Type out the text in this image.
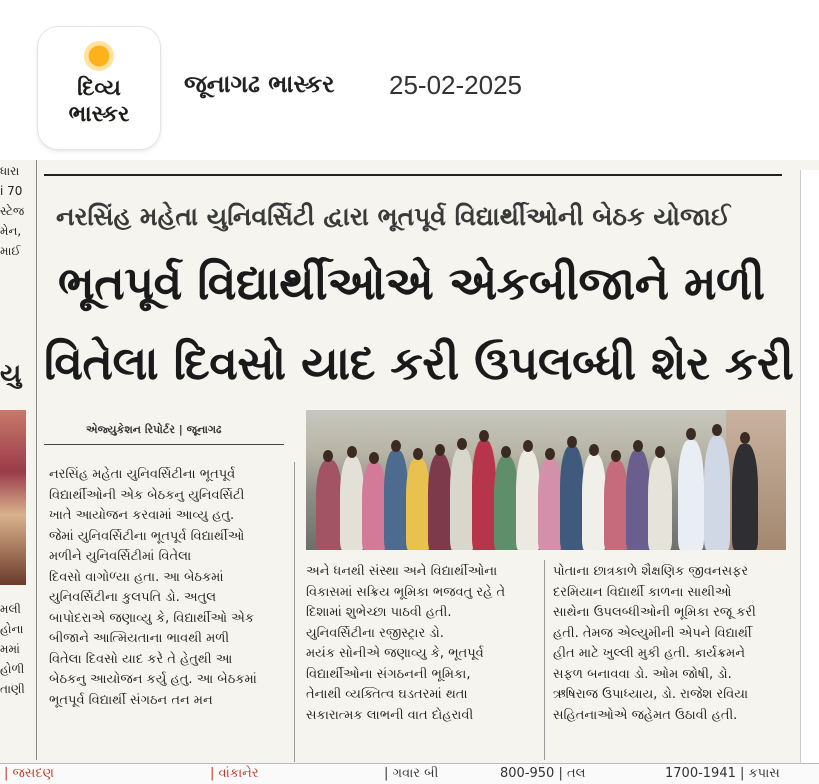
દિવ્ય
ભાસ્કર
જૂનાગઢ ભાસ્કર 25-02-2025
ધારા
i 70
સ્ટેજ
મેન,
માઈ
યુ
મલી
હોના
મમાં
હોળી
તાણી
નરસિંહ મહેતા યુનિવર્સિટી દ્વારા ભૂતપૂર્વ વિદ્યાર્થીઓની બેઠક યોજાઈ
ભૂતપૂર્વ વિદ્યાર્થીઓએ એકબીજાને મળી
વિતેલા દિવસો યાદ કરી ઉપલબ્ધી શેર કરી
એજ્યુકેશન રિપોર્ટર | જૂનાગઢ

નરસિંહ મહેતા યુનિવર્સિટીના ભૂતપૂર્વ

વિદ્યાર્થીઓની એક બેઠકનુ યુનિવર્સિટી

ખાતે આયોજન કરવામાં આવ્યુ હતુ.

જેમાં યુનિવર્સિટીના ભૂતપૂર્વ વિદ્યાર્થીઓ

મળીને યુનિવર્સિટીમાં વિતેલા

દિવસો વાગોળ્યા હતા. આ બેઠકમાં

યુનિવર્સિટીના કુલપતિ ડો. અતુલ

બાપોદરાએ જણાવ્યુ કે, વિદ્યાર્થીઓ એક

બીજાને આત્મિયતાના ભાવથી મળી

વિતેલા દિવસો યાદ કરે તે હેતુથી આ

બેઠકનુ આયોજન કર્યુ હતુ. આ બેઠકમાં

ભૂતપૂર્વ વિદ્યાર્થી સંગઠન તન મન

અને ધનથી સંસ્થા અને વિદ્યાર્થીઓના

વિકાસમાં સક્રિય ભૂમિકા ભજવતુ રહે તે

દિશામાં શુભેચ્છા પાઠવી હતી.

યુનિવર્સિટીના રજીસ્ટ્રાર ડો.

મયંક સોનીએ જણાવ્યુ કે, ભૂતપૂર્વ

વિદ્યાર્થીઓના સંગઠનની ભૂમિકા,

તેનાથી વ્યક્તિત્વ ઘડતરમાં થતા

સકારાત્મક લાભની વાત દોહરાવી

પોતાના છાત્રકાળે શૈક્ષણિક જીવનસફર

દરમિયાન વિદ્યાર્થી કાળના સાથીઓ

સાથેના ઉપલબ્ધીઓની ભૂમિકા રજૂ કરી

હતી. તેમજ એલ્યુમીની એપને વિદ્યાર્થી

હીત માટે ખુલ્લી મુકી હતી. કાર્યક્રમને

સફળ બનાવવા ડો. ઓમ જોષી, ડો.

ઋષિરાજ ઉપાધ્યાય, ડો. રાજેશ રવિયા

સહિતનાઓએ જહેમત ઉઠાવી હતી.

| જસદણ	| વાંકાનેર	| ગવાર બી	800-950 | તલ	1700-1941 | કપાસ
